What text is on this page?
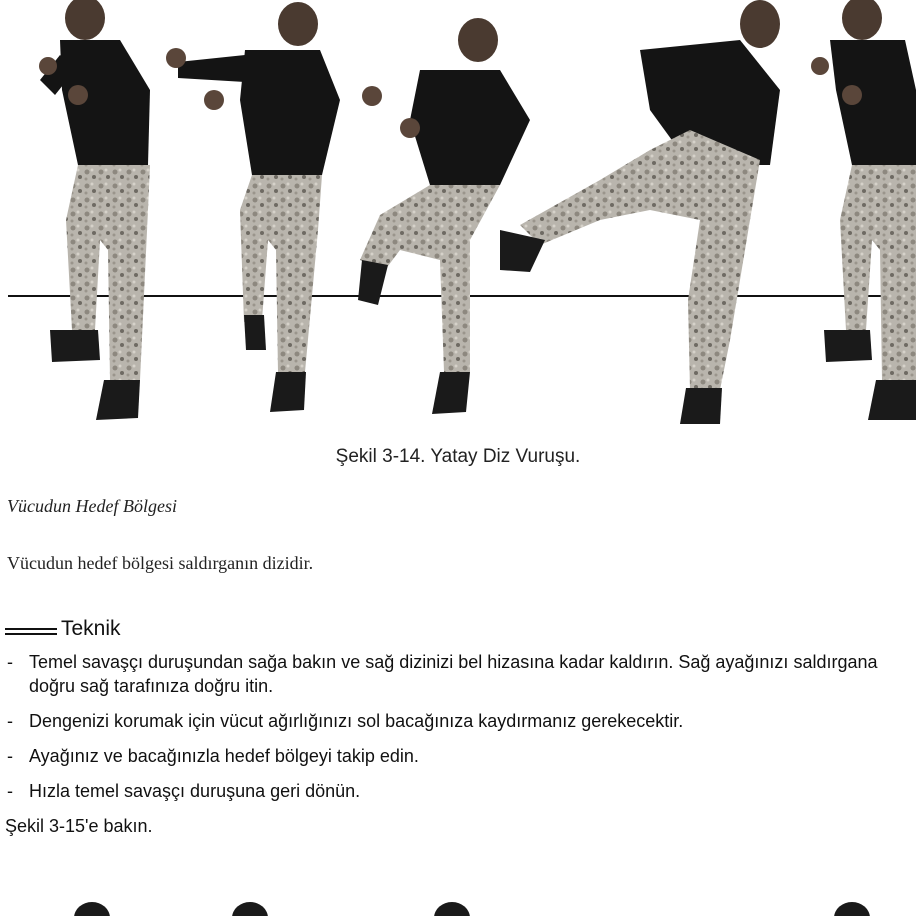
Şekil 3-14. Yatay Diz Vuruşu.
Vücudun Hedef Bölgesi
Vücudun hedef bölgesi saldırganın dizidir.
Teknik
- Temel savaşçı duruşundan sağa bakın ve sağ dizinizi bel hizasına kadar kaldırın. Sağ ayağınızı saldırgana doğru sağ tarafınıza doğru itin.
- Dengenizi korumak için vücut ağırlığınızı sol bacağınıza kaydırmanız gerekecektir.
- Ayağınız ve bacağınızla hedef bölgeyi takip edin.
- Hızla temel savaşçı duruşuna geri dönün.
Şekil 3-15'e bakın.
